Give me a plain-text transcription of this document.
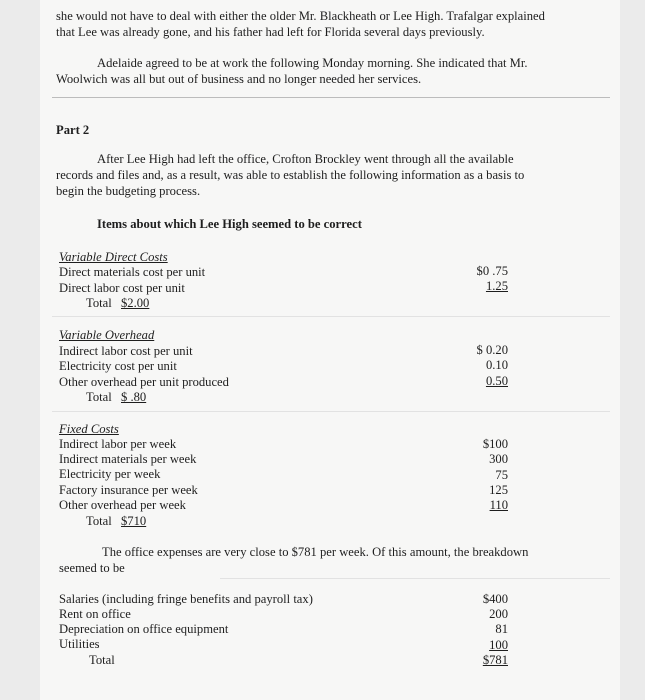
she would not have to deal with either the older Mr. Blackheath or Lee High. Trafalgar explained
that Lee was already gone, and his father had left for Florida several days previously.
Adelaide agreed to be at work the following Monday morning. She indicated that Mr.
Woolwich was all but out of business and no longer needed her services.
Part 2
After Lee High had left the office, Crofton Brockley went through all the available
records and files and, as a result, was able to establish the following information as a basis to
begin the budgeting process.
Items about which Lee High seemed to be correct
Variable Direct Costs
Direct materials cost per unit	$0 .75
Direct labor cost per unit	1.25
Total $2.00
Variable Overhead
Indirect labor cost per unit	$ 0.20
Electricity cost per unit	0.10
Other overhead per unit produced	0.50
Total $ .80
Fixed Costs
Indirect labor per week	$100
Indirect materials per week	300
Electricity per week	75
Factory insurance per week	125
Other overhead per week	110
Total $710
The office expenses are very close to $781 per week. Of this amount, the breakdown
seemed to be
Salaries (including fringe benefits and payroll tax)	$400
Rent on office	200
Depreciation on office equipment	81
Utilities	100
Total	$781
